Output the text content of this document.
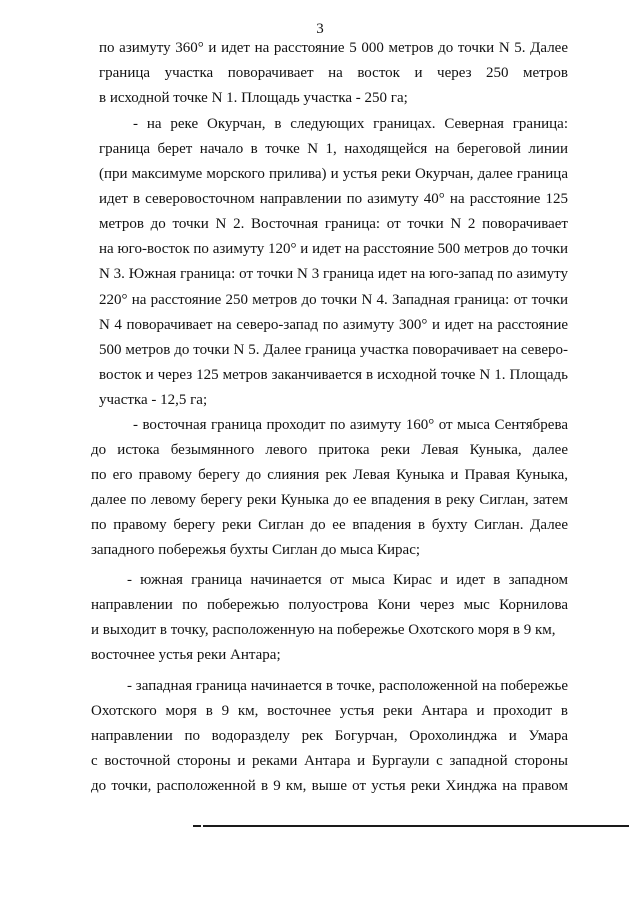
3
по азимуту 360° и идет на расстояние 5 000 метров до точки N 5. Далее
граница участка поворачивает на восток и через 250 метров
в исходной точке N 1. Площадь участка - 250 га;
- на реке Окурчан, в следующих границах. Северная граница:
граница берет начало в точке N 1, находящейся на береговой линии
(при максимуме морского прилива) и устья реки Окурчан, далее граница
идет в северовосточном направлении по азимуту 40° на расстояние 125
метров до точки N 2. Восточная граница: от точки N 2 поворачивает
на юго-восток по азимуту 120° и идет на расстояние 500 метров до точки
N 3. Южная граница: от точки N 3 граница идет на юго-запад по азимуту
220° на расстояние 250 метров до точки N 4. Западная граница: от точки
N 4 поворачивает на северо-запад по азимуту 300° и идет на расстояние
500 метров до точки N 5. Далее граница участка поворачивает на северо-
восток и через 125 метров заканчивается в исходной точке N 1. Площадь
участка - 12,5 га;
- восточная граница проходит по азимуту 160° от мыса Сентябрева
до истока безымянного левого притока реки Левая Куныка, далее
по его правому берегу до слияния рек Левая Куныка и Правая Куныка,
далее по левому берегу реки Куныка до ее впадения в реку Сиглан, затем
по правому берегу реки Сиглан до ее впадения в бухту Сиглан. Далее
западного побережья бухты Сиглан до мыса Кирас;
- южная граница начинается от мыса Кирас и идет в западном
направлении по побережью полуострова Кони через мыс Корнилова
и выходит в точку, расположенную на побережье Охотского моря в 9 км,
восточнее устья реки Антара;
- западная граница начинается в точке, расположенной на побережье
Охотского моря в 9 км, восточнее устья реки Антара и проходит в
направлении по водоразделу рек Богурчан, Орохолинджа и Умара
с восточной стороны и реками Антара и Бургаули с западной стороны
до точки, расположенной в 9 км, выше от устья реки Хинджа на правом
